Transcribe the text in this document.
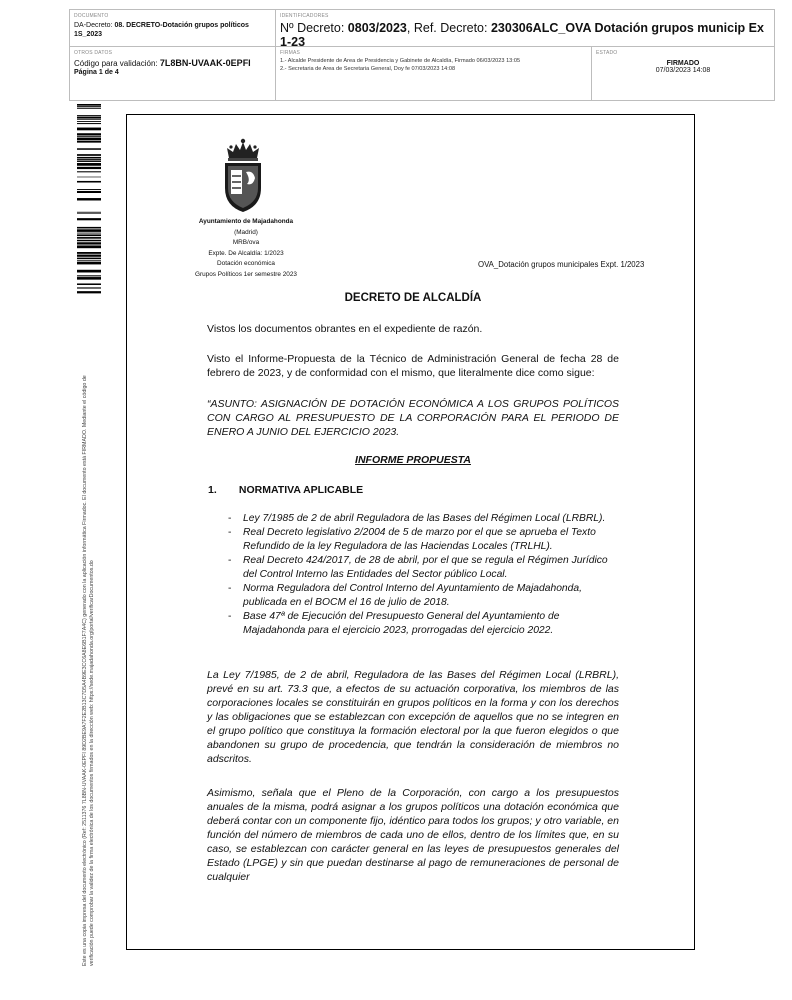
DOCUMENTO
DA-Decreto: 08. DECRETO-Dotación grupos políticos 1S_2023
IDENTIFICADORES
Nº Decreto: 0803/2023, Ref. Decreto: 230306ALC_OVA Dotación grupos municip Ex 1-23
OTROS DATOS
Código para validación: 7L8BN-UVAAK-0EPFI
Página 1 de 4
FIRMAS
1.- Alcalde Presidente de Area de Presidencia y Gabinete de Alcaldía, Firmado 06/03/2023 13:05
2.- Secretaria de Area de Secretaria General, Doy fe 07/03/2023 14:08
ESTADO
FIRMADO
07/03/2023 14:08
Este es una copia impresa del documento electrónico (Ref: 2511376 7L8BN-UVAAK-0EPFI 89D2BE9A7F2E2B13C7D5A4B9E3CC6A8E6B1F7A4C) generado con la aplicación informática Firmadoc. El documento está FIRMADO. Mediante el código de verificación puede comprobar la validez de la firma electrónica de los documentos firmados en la dirección web: https://sede.majadahonda.org/portal/verificarDocumentos.do
Ayuntamiento de Majadahonda
(Madrid)
MRB/ova
Expte. De Alcaldía: 1/2023
Dotación económica
Grupos Políticos 1er semestre 2023
OVA_Dotación grupos municipales Expt. 1/2023
DECRETO DE ALCALDÍA
Vistos los documentos obrantes en el expediente de razón.
Visto el Informe-Propuesta de la Técnico de Administración General de fecha 28 de febrero de 2023, y de conformidad con el mismo, que literalmente dice como sigue:
“ASUNTO: ASIGNACIÓN DE DOTACIÓN ECONÓMICA A LOS GRUPOS POLÍTICOS CON CARGO AL PRESUPUESTO DE LA CORPORACIÓN PARA EL PERIODO DE ENERO A JUNIO DEL EJERCICIO 2023.
INFORME PROPUESTA
1. NORMATIVA APLICABLE
- Ley 7/1985 de 2 de abril Reguladora de las Bases del Régimen Local (LRBRL).
- Real Decreto legislativo 2/2004 de 5 de marzo por el que se aprueba el Texto Refundido de la ley Reguladora de las Haciendas Locales (TRLHL).
- Real Decreto 424/2017, de 28 de abril, por el que se regula el Régimen Jurídico del Control Interno las Entidades del Sector público Local.
- Norma Reguladora del Control Interno del Ayuntamiento de Majadahonda, publicada en el BOCM el 16 de julio de 2018.
- Base 47ª de Ejecución del Presupuesto General del Ayuntamiento de Majadahonda para el ejercicio 2023, prorrogadas del ejercicio 2022.
La Ley 7/1985, de 2 de abril, Reguladora de las Bases del Régimen Local (LRBRL), prevé en su art. 73.3 que, a efectos de su actuación corporativa, los miembros de las corporaciones locales se constituirán en grupos políticos en la forma y con los derechos y las obligaciones que se establezcan con excepción de aquellos que no se integren en el grupo político que constituya la formación electoral por la que fueron elegidos o que abandonen su grupo de procedencia, que tendrán la consideración de miembros no adscritos.
Asimismo, señala que el Pleno de la Corporación, con cargo a los presupuestos anuales de la misma, podrá asignar a los grupos políticos una dotación económica que deberá contar con un componente fijo, idéntico para todos los grupos; y otro variable, en función del número de miembros de cada uno de ellos, dentro de los límites que, en su caso, se establezcan con carácter general en las leyes de presupuestos generales del Estado (LPGE) y sin que puedan destinarse al pago de remuneraciones de personal de cualquier
